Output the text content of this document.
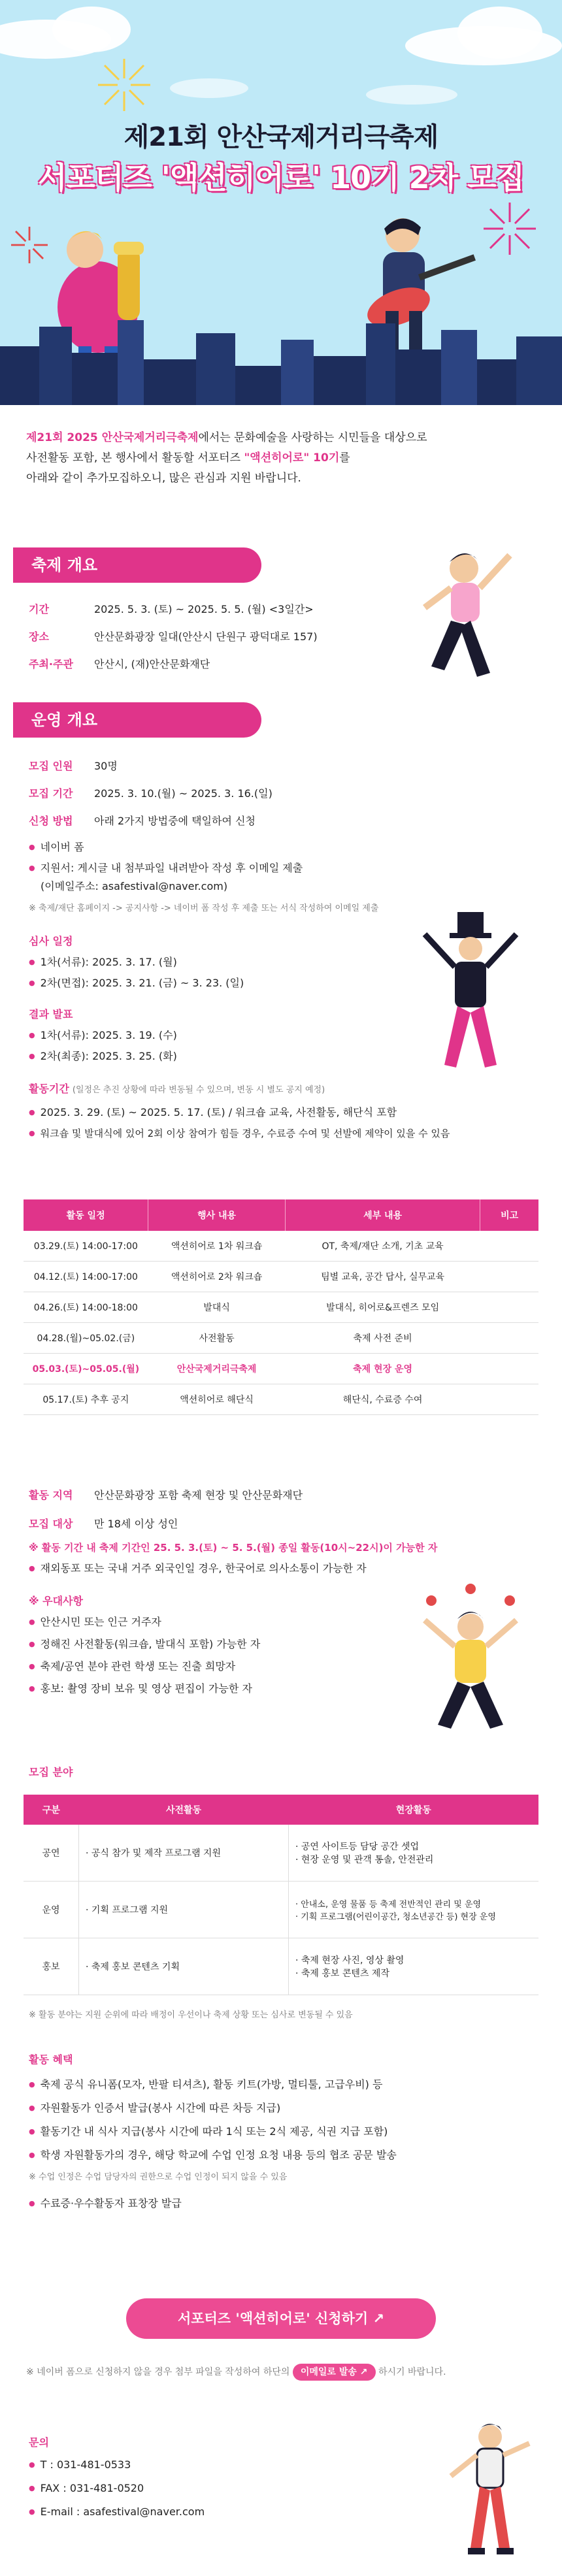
제21회 안산국제거리극축제
서포터즈 '액션히어로' 10기 2차 모집
제21회 2025 안산국제거리극축제에서는 문화예술을 사랑하는 시민들을 대상으로
사전활동 포함, 본 행사에서 활동할 서포터즈 "액션히어로" 10기를
아래와 같이 추가모집하오니, 많은 관심과 지원 바랍니다.
축제 개요
기간	2025. 5. 3. (토) ~ 2025. 5. 5. (월) <3일간>
장소	안산문화광장 일대(안산시 단원구 광덕대로 157)
주최·주관 안산시, (재)안산문화재단
운영 개요
모집 인원 30명
모집 기간 2025. 3. 10.(월) ~ 2025. 3. 16.(일)
신청 방법 아래 2가지 방법중에 택일하여 신청
● 네이버 폼
● 지원서: 게시글 내 첨부파일 내려받아 작성 후 이메일 제출
(이메일주소: asafestival@naver.com)
※ 축제/재단 홈페이지 -> 공지사항 -> 네이버 폼 작성 후 제출 또는 서식 작성하여 이메일 제출
심사 일정
● 1차(서류): 2025. 3. 17. (월)
● 2차(면접): 2025. 3. 21. (금) ~ 3. 23. (일)
결과 발표
● 1차(서류): 2025. 3. 19. (수)
● 2차(최종): 2025. 3. 25. (화)
활동기간 (일정은 추진 상황에 따라 변동될 수 있으며, 변동 시 별도 공지 예정)
● 2025. 3. 29. (토) ~ 2025. 5. 17. (토) / 워크숍 교육, 사전활동, 해단식 포함
● 워크숍 및 발대식에 있어 2회 이상 참여가 힘들 경우, 수료증 수여 및 선발에 제약이 있을 수 있음
활동 일정	행사 내용	세부 내용	비고
03.29.(토) 14:00-17:00	액션히어로 1차 워크숍	OT, 축제/재단 소개, 기초 교육	
04.12.(토) 14:00-17:00	액션히어로 2차 워크숍	팀별 교육, 공간 답사, 실무교육	
04.26.(토) 14:00-18:00	발대식	발대식, 히어로&프렌즈 모임	
04.28.(월)~05.02.(금)	사전활동	축제 사전 준비	
05.03.(토)~05.05.(월)	안산국제거리극축제	축제 현장 운영	
05.17.(토) 추후 공지	액션히어로 해단식	해단식, 수료증 수여	
활동 지역 안산문화광장 포함 축제 현장 및 안산문화재단
모집 대상 만 18세 이상 성인
※ 활동 기간 내 축제 기간인 25. 5. 3.(토) ~ 5. 5.(월) 종일 활동(10시~22시)이 가능한 자
● 재외동포 또는 국내 거주 외국인일 경우, 한국어로 의사소통이 가능한 자
※ 우대사항
● 안산시민 또는 인근 거주자
● 정해진 사전활동(워크숍, 발대식 포함) 가능한 자
● 축제/공연 분야 관련 학생 또는 진출 희망자
● 홍보: 촬영 장비 보유 및 영상 편집이 가능한 자
모집 분야
구분	사전활동	현장활동
공연	· 공식 참가 및 제작 프로그램 지원	· 공연 사이트등 담당 공간 셋업
· 현장 운영 및 관객 통솔, 안전관리

운영	· 기획 프로그램 지원	· 안내소, 운영 물품 등 축제 전반적인 관리 및 운영
· 기획 프로그램(어린이공간, 청소년공간 등) 현장 운영

홍보	· 축제 홍보 콘텐츠 기획	· 축제 현장 사진, 영상 촬영
· 축제 홍보 콘텐츠 제작
※ 활동 분야는 지원 순위에 따라 배정이 우선이나 축제 상황 또는 심사로 변동될 수 있음
활동 혜택
● 축제 공식 유니폼(모자, 반팔 티셔츠), 활동 키트(가방, 멀티툴, 고급우비) 등
● 자원활동가 인증서 발급(봉사 시간에 따른 차등 지급)
● 활동기간 내 식사 지급(봉사 시간에 따라 1식 또는 2식 제공, 식권 지급 포함)
● 학생 자원활동가의 경우, 해당 학교에 수업 인정 요청 내용 등의 협조 공문 발송
※ 수업 인정은 수업 담당자의 권한으로 수업 인정이 되지 않을 수 있음
● 수료증·우수활동자 표창장 발급
서포터즈 '액션히어로' 신청하기 ↗
※ 네이버 폼으로 신청하지 않을 경우 첨부 파일을 작성하여 하단의 이메일로 발송 ↗ 하시기 바랍니다.
문의
● T : 031-481-0533
● FAX : 031-481-0520
● E-mail : asafestival@naver.com
